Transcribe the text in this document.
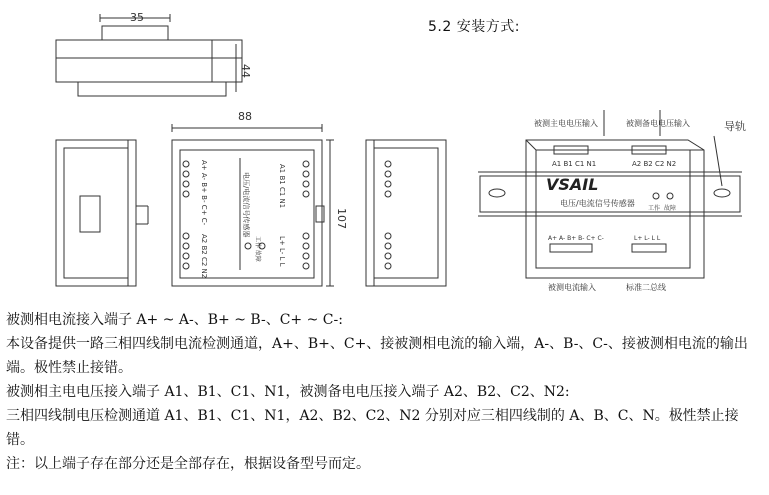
5.2 安装方式:
35
44
88
107
A+ A- B+ B- C+ C-	A1 B1 C1 N1
A2 B2 C2 N2	L+ L- L L
电压/电流信号传感器
工作 故障
被测主电电压输入	被测备电电压输入	导轨
A1 B1 C1 N1	A2 B2 C2 N2
VSAIL
电压/电流信号传感器
工作 故障
A+ A- B+ B- C+ C-	L+ L- L L
被测电流输入	标准二总线

被测相电流接入端子 A+ ~ A-、B+ ~ B-、C+ ~ C-:

本设备提供一路三相四线制电流检测通道，A+、B+、C+、接被测相电流的输入端，A-、B-、C-、接被测相电流的输出端。极性禁止接错。

被测相主电电压接入端子 A1、B1、C1、N1，被测备电电压接入端子 A2、B2、C2、N2:

三相四线制电压检测通道 A1、B1、C1、N1，A2、B2、C2、N2 分别对应三相四线制的 A、B、C、N。极性禁止接错。

注：以上端子存在部分还是全部存在，根据设备型号而定。
